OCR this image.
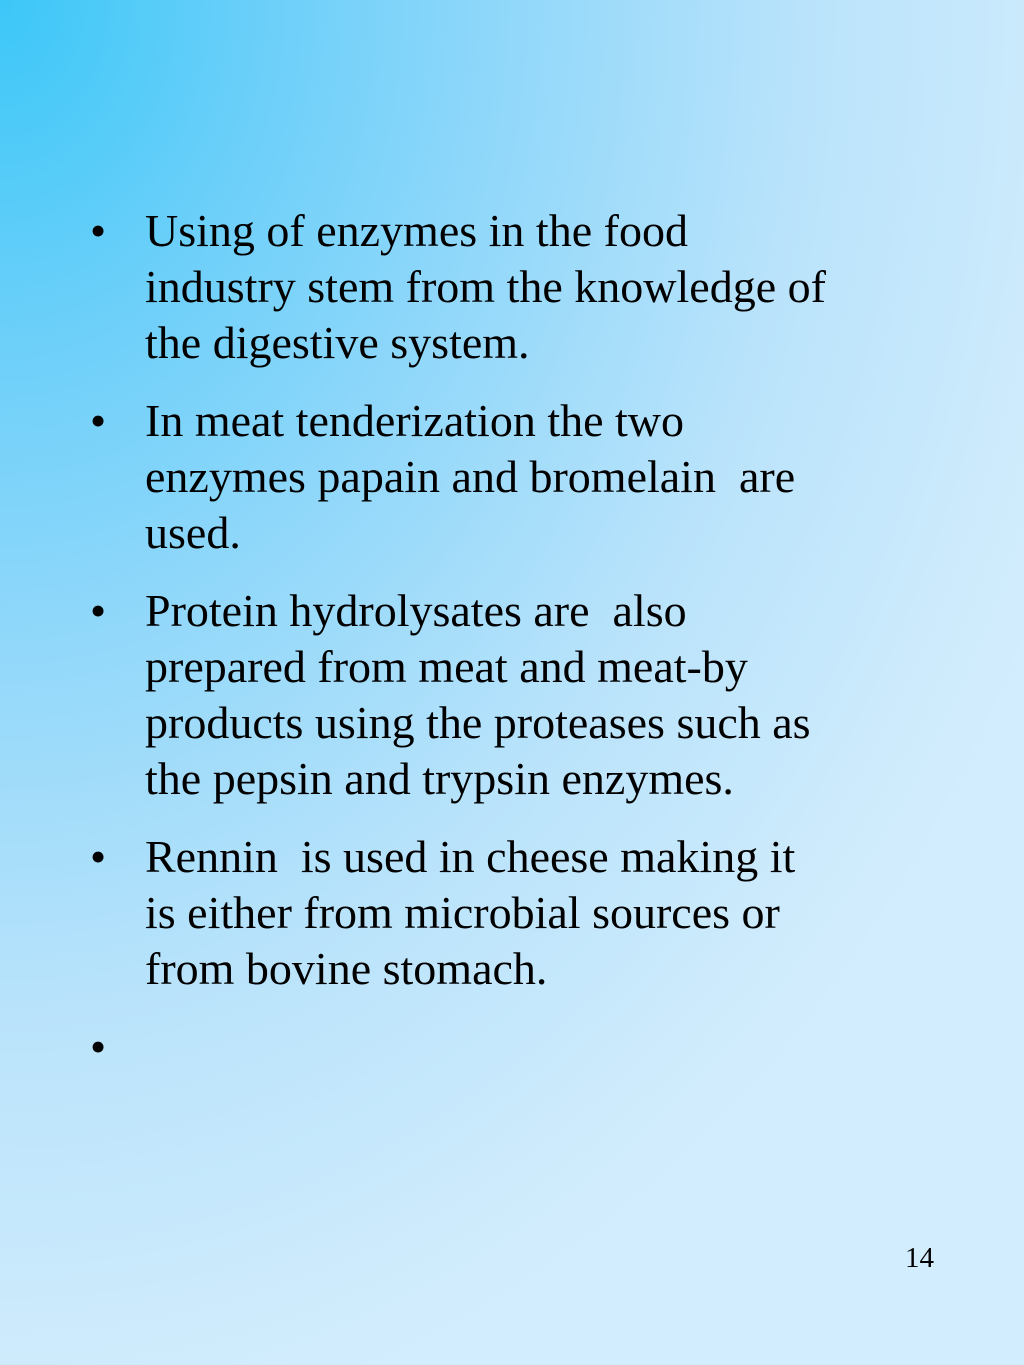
• Using of enzymes in the food
industry stem from the knowledge of
the digestive system.
• In meat tenderization the two
enzymes papain and bromelain  are
used.
• Protein hydrolysates are  also
prepared from meat and meat-by
products using the proteases such as
the pepsin and trypsin enzymes.
• Rennin  is used in cheese making it
is either from microbial sources or
from bovine stomach.
•
14
